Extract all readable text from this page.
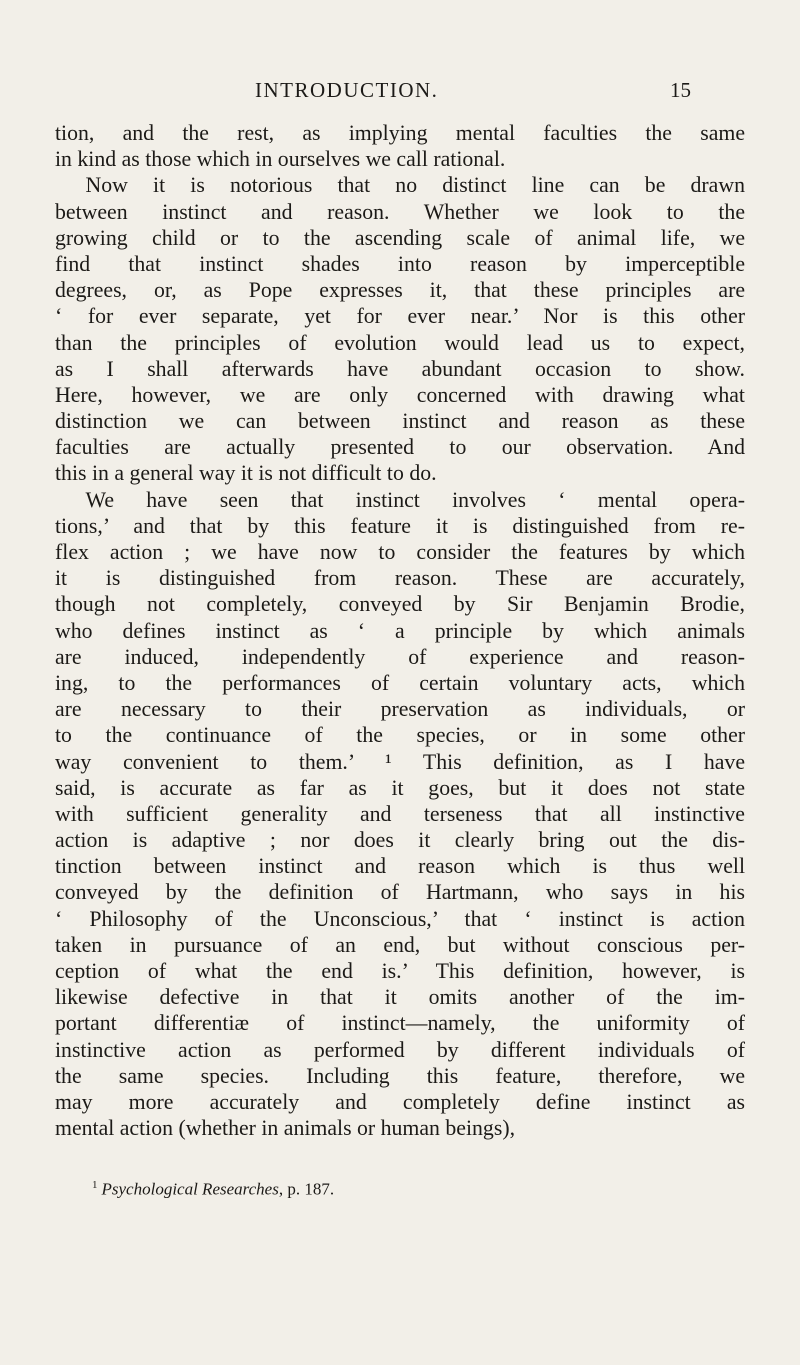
INTRODUCTION.	15
tion, and the rest, as implying mental faculties the same
in kind as those which in ourselves we call rational.
Now it is notorious that no distinct line can be drawn
between instinct and reason. Whether we look to the
growing child or to the ascending scale of animal life, we
find that instinct shades into reason by imperceptible
degrees, or, as Pope expresses it, that these principles are
‘ for ever separate, yet for ever near.’ Nor is this other
than the principles of evolution would lead us to expect,
as I shall afterwards have abundant occasion to show.
Here, however, we are only concerned with drawing what
distinction we can between instinct and reason as these
faculties are actually presented to our observation. And
this in a general way it is not difficult to do.
We have seen that instinct involves ‘ mental opera-
tions,’ and that by this feature it is distinguished from re-
flex action ; we have now to consider the features by which
it is distinguished from reason. These are accurately,
though not completely, conveyed by Sir Benjamin Brodie,
who defines instinct as ‘ a principle by which animals
are induced, independently of experience and reason-
ing, to the performances of certain voluntary acts, which
are necessary to their preservation as individuals, or
to the continuance of the species, or in some other
way convenient to them.’ ¹ This definition, as I have
said, is accurate as far as it goes, but it does not state
with sufficient generality and terseness that all instinctive
action is adaptive ; nor does it clearly bring out the dis-
tinction between instinct and reason which is thus well
conveyed by the definition of Hartmann, who says in his
‘ Philosophy of the Unconscious,’ that ‘ instinct is action
taken in pursuance of an end, but without conscious per-
ception of what the end is.’ This definition, however, is
likewise defective in that it omits another of the im-
portant differentiæ of instinct—namely, the uniformity of
instinctive action as performed by different individuals of
the same species. Including this feature, therefore, we
may more accurately and completely define instinct as
mental action (whether in animals or human beings),
$^1$ Psychological Researches, p. 187.
